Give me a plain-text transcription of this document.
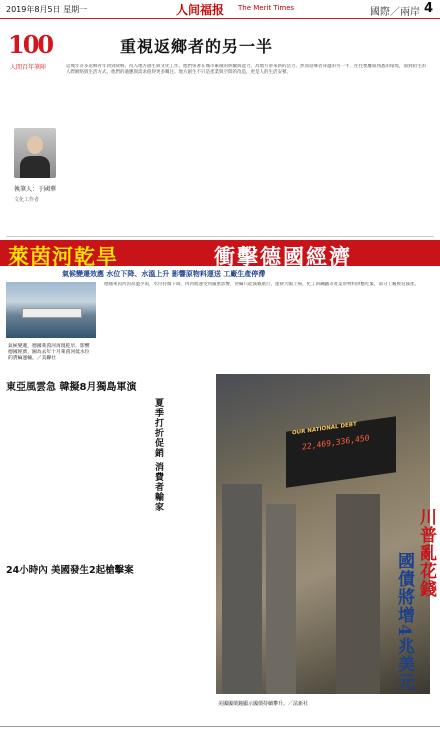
2019年8月5日 星期一	人间福报 The Merit Times	國際／兩岸 4
100
人間百年筆陣
重視返鄉者的另一半
執筆人：于國華
文化工作者
這幾年許多返鄉青年回到故鄉，投入地方創生與文化工作，他們帶著在城市累積的經驗與能力，為地方帶來新的活力。然而返鄉者身邊的另一半，往往要離開熟悉的環境，面對陌生的人際網絡與生活方式，他們的適應與需求值得更多關注。地方創生不只是產業與空間的改造，更是人的生活安頓。
萊茵河乾旱	衝擊德國經濟
氣候變遷效應 水位下降、水溫上升 影響原物料運送 工廠生產停滯
氣候變遷，德國萊茵河再現乾旱，影響德國經濟，圖為去年十月萊茵河低水位的貨輪運輸。／美聯社
德國萊茵河因高溫少雨，水位持續下降，內河航運受到嚴重影響，貨輪只能減載航行，運費大幅上揚，化工與鋼鐵等產業原物料供應吃緊，部分工廠被迫減產。
東亞風雲急 韓擬8月獨島軍演
夏季打折促銷 消費者輸家
24小時內 美國發生2起槍擊案
OUR NATIONAL DEBT
22,469,336,450
川普亂花錢
國債將增4兆美元
美國國債鐘顯示國債持續攀升。／法新社
